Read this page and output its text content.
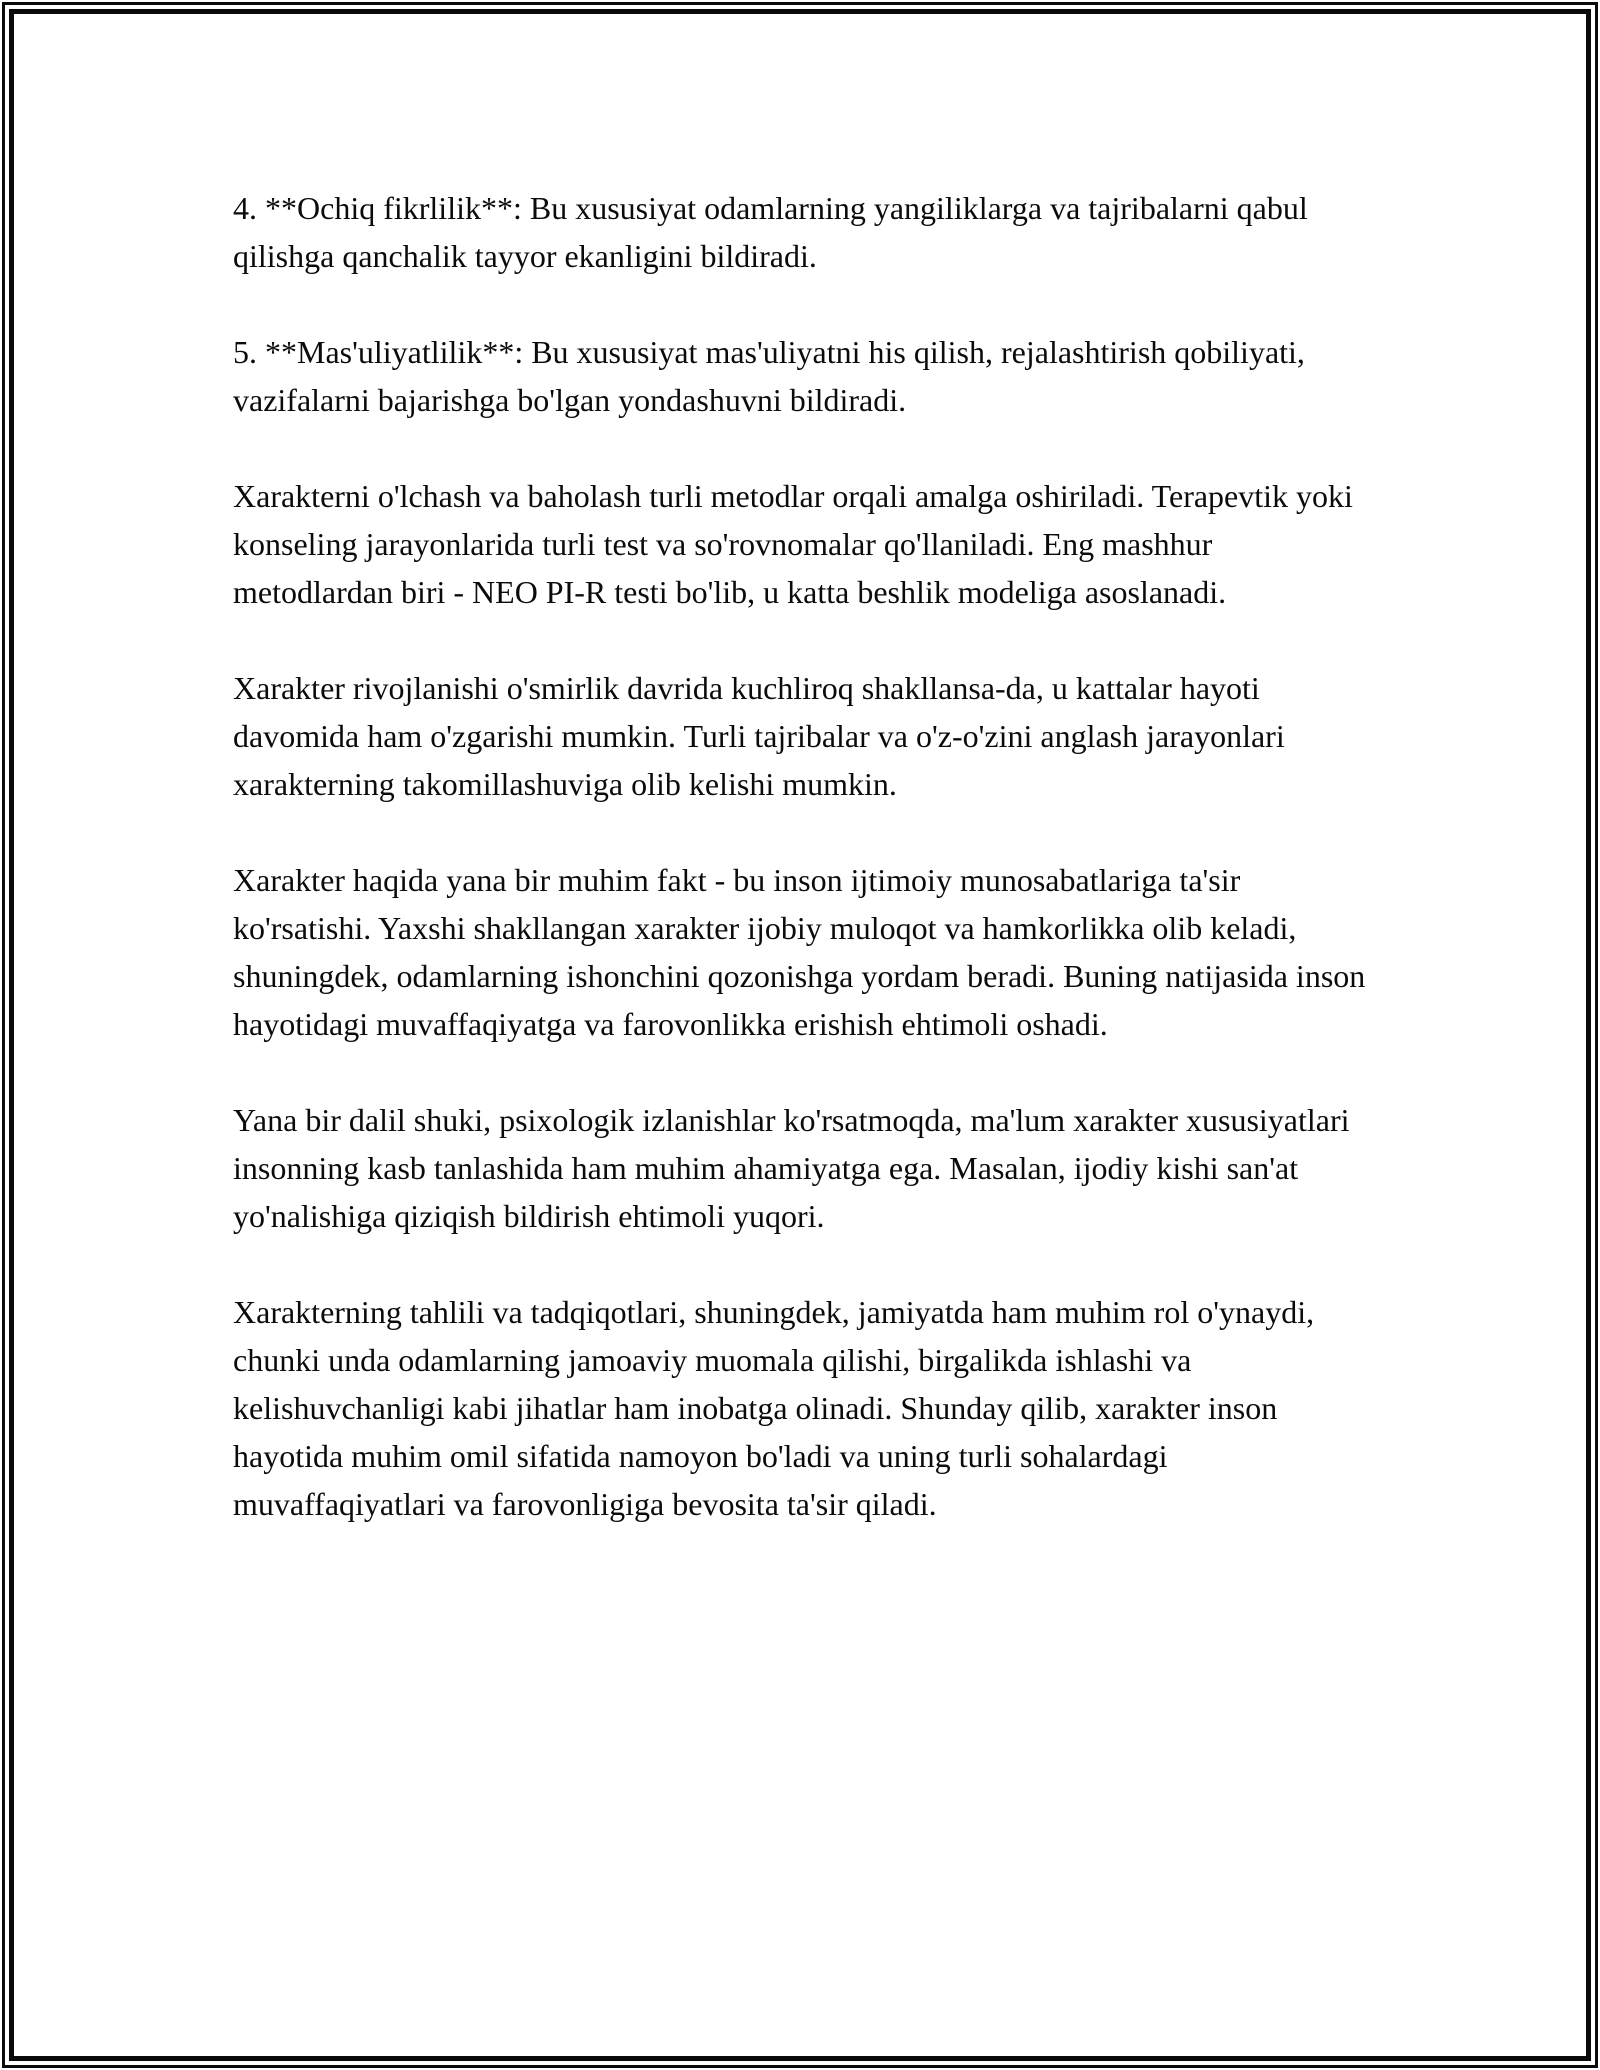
4. **Ochiq fikrlilik**: Bu xususiyat odamlarning yangiliklarga va tajribalarni qabul qilishga qanchalik tayyor ekanligini bildiradi.

5. **Mas'uliyatlilik**: Bu xususiyat mas'uliyatni his qilish, rejalashtirish qobiliyati, vazifalarni bajarishga bo'lgan yondashuvni bildiradi.

Xarakterni o'lchash va baholash turli metodlar orqali amalga oshiriladi. Terapevtik yoki konseling jarayonlarida turli test va so'rovnomalar qo'llaniladi. Eng mashhur metodlardan biri - NEO PI-R testi bo'lib, u katta beshlik modeliga asoslanadi.

Xarakter rivojlanishi o'smirlik davrida kuchliroq shakllansa-da, u kattalar hayoti davomida ham o'zgarishi mumkin. Turli tajribalar va o'z-o'zini anglash jarayonlari xarakterning takomillashuviga olib kelishi mumkin.

Xarakter haqida yana bir muhim fakt - bu inson ijtimoiy munosabatlariga ta'sir ko'rsatishi. Yaxshi shakllangan xarakter ijobiy muloqot va hamkorlikka olib keladi, shuningdek, odamlarning ishonchini qozonishga yordam beradi. Buning natijasida inson hayotidagi muvaffaqiyatga va farovonlikka erishish ehtimoli oshadi.

Yana bir dalil shuki, psixologik izlanishlar ko'rsatmoqda, ma'lum xarakter xususiyatlari insonning kasb tanlashida ham muhim ahamiyatga ega. Masalan, ijodiy kishi san'at yo'nalishiga qiziqish bildirish ehtimoli yuqori.

Xarakterning tahlili va tadqiqotlari, shuningdek, jamiyatda ham muhim rol o'ynaydi, chunki unda odamlarning jamoaviy muomala qilishi, birgalikda ishlashi va kelishuvchanligi kabi jihatlar ham inobatga olinadi. Shunday qilib, xarakter inson hayotida muhim omil sifatida namoyon bo'ladi va uning turli sohalardagi muvaffaqiyatlari va farovonligiga bevosita ta'sir qiladi.
